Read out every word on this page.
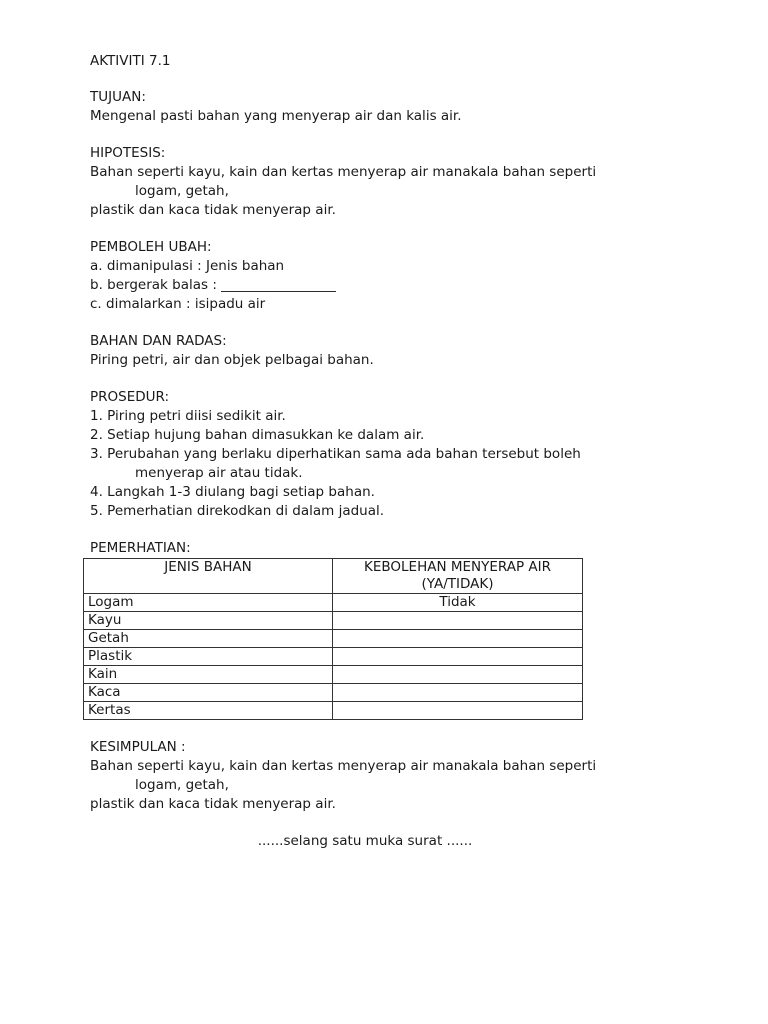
AKTIVITI 7.1
TUJUAN:
Mengenal pasti bahan yang menyerap air dan kalis air.
HIPOTESIS:
Bahan seperti kayu, kain dan kertas menyerap air manakala bahan seperti
logam, getah,
plastik dan kaca tidak menyerap air.
PEMBOLEH UBAH:
a. dimanipulasi : Jenis bahan
b. bergerak balas : _________________
c. dimalarkan : isipadu air
BAHAN DAN RADAS:
Piring petri, air dan objek pelbagai bahan.
PROSEDUR:
1. Piring petri diisi sedikit air.
2. Setiap hujung bahan dimasukkan ke dalam air.
3. Perubahan yang berlaku diperhatikan sama ada bahan tersebut boleh
menyerap air atau tidak.
4. Langkah 1-3 diulang bagi setiap bahan.
5. Pemerhatian direkodkan di dalam jadual.
PEMERHATIAN:
JENIS BAHAN	KEBOLEHAN MENYERAP AIR
(YA/TIDAK)

Logam	Tidak
Kayu	
Getah	
Plastik	
Kain	
Kaca	
Kertas	
KESIMPULAN :
Bahan seperti kayu, kain dan kertas menyerap air manakala bahan seperti
logam, getah,
plastik dan kaca tidak menyerap air.
......selang satu muka surat ......
